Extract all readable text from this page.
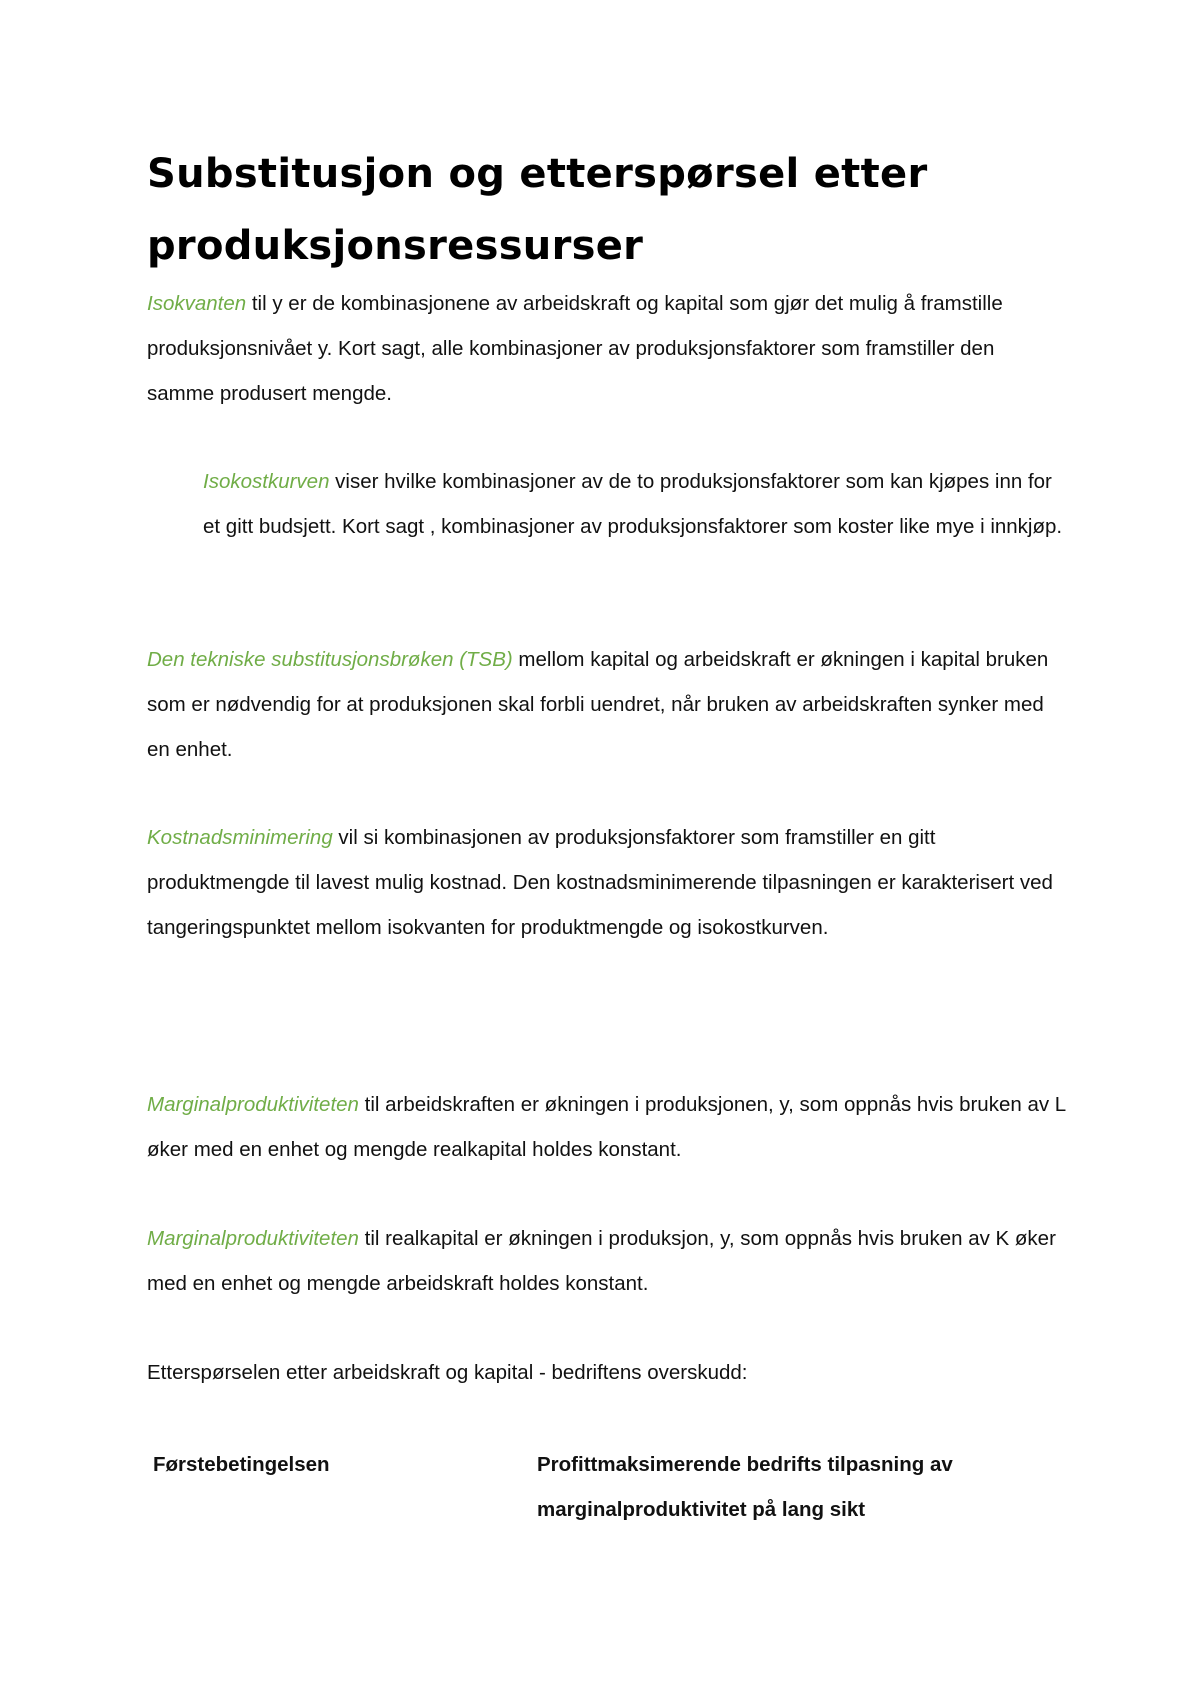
Substitusjon og etterspørsel etter produksjonsressurser

Isokvanten til y er de kombinasjonene av arbeidskraft og kapital som gjør det mulig å framstille produksjonsnivået y. Kort sagt, alle kombinasjoner av produksjonsfaktorer som framstiller den samme produsert mengde.

Isokostkurven viser hvilke kombinasjoner av de to produksjonsfaktorer som kan kjøpes inn for et gitt budsjett. Kort sagt , kombinasjoner av produksjonsfaktorer som koster like mye i innkjøp.

Den tekniske substitusjonsbrøken (TSB) mellom kapital og arbeidskraft er økningen i kapital bruken som er nødvendig for at produksjonen skal forbli uendret, når bruken av arbeidskraften synker med en enhet.

Kostnadsminimering vil si kombinasjonen av produksjonsfaktorer som framstiller en gitt produktmengde til lavest mulig kostnad. Den kostnadsminimerende tilpasningen er karakterisert ved tangeringspunktet mellom isokvanten for produktmengde og isokostkurven.

Marginalproduktiviteten til arbeidskraften er økningen i produksjonen, y, som oppnås hvis bruken av L øker med en enhet og mengde realkapital holdes konstant.

Marginalproduktiviteten til realkapital er økningen i produksjon, y, som oppnås hvis bruken av K øker med en enhet og mengde arbeidskraft holdes konstant.

Etterspørselen etter arbeidskraft og kapital - bedriftens overskudd:

Førstebetingelsen	Profittmaksimerende bedrifts tilpasning av marginalproduktivitet på lang sikt
